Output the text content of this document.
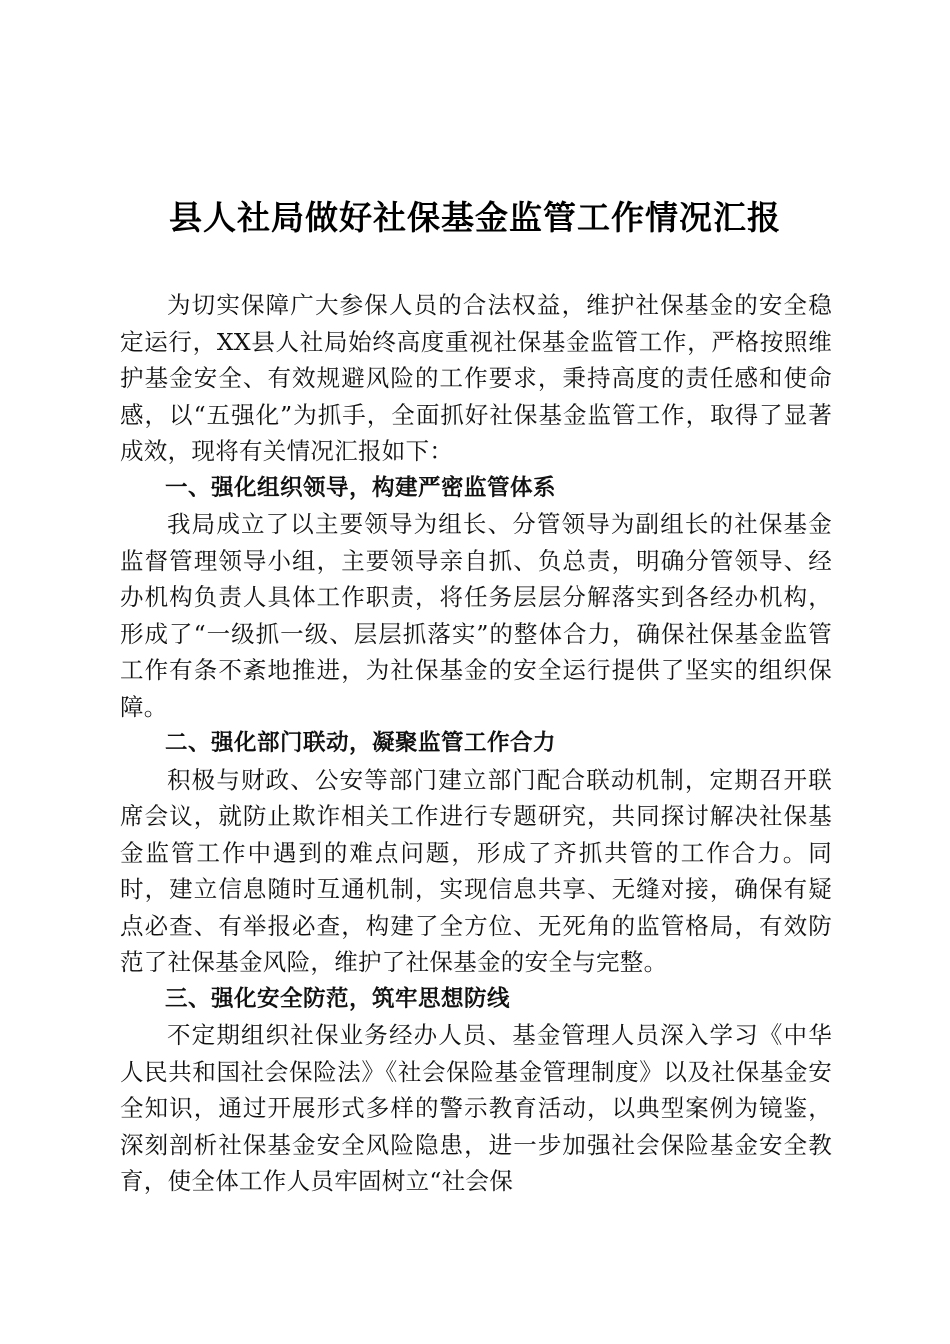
县人社局做好社保基金监管工作情况汇报

为切实保障广大参保人员的合法权益，维护社保基金的安全稳定运行，XX县人社局始终高度重视社保基金监管工作，严格按照维护基金安全、有效规避风险的工作要求，秉持高度的责任感和使命感，以“五强化”为抓手，全面抓好社保基金监管工作，取得了显著成效，现将有关情况汇报如下：

一、强化组织领导，构建严密监管体系

我局成立了以主要领导为组长、分管领导为副组长的社保基金监督管理领导小组，主要领导亲自抓、负总责，明确分管领导、经办机构负责人具体工作职责，将任务层层分解落实到各经办机构，形成了“一级抓一级、层层抓落实”的整体合力，确保社保基金监管工作有条不紊地推进，为社保基金的安全运行提供了坚实的组织保障。

二、强化部门联动，凝聚监管工作合力

积极与财政、公安等部门建立部门配合联动机制，定期召开联席会议，就防止欺诈相关工作进行专题研究，共同探讨解决社保基金监管工作中遇到的难点问题，形成了齐抓共管的工作合力。同时，建立信息随时互通机制，实现信息共享、无缝对接，确保有疑点必查、有举报必查，构建了全方位、无死角的监管格局，有效防范了社保基金风险，维护了社保基金的安全与完整。

三、强化安全防范，筑牢思想防线

不定期组织社保业务经办人员、基金管理人员深入学习《中华人民共和国社会保险法》《社会保险基金管理制度》以及社保基金安全知识，通过开展形式多样的警示教育活动，以典型案例为镜鉴，深刻剖析社保基金安全风险隐患，进一步加强社会保险基金安全教育，使全体工作人员牢固树立“社会保
